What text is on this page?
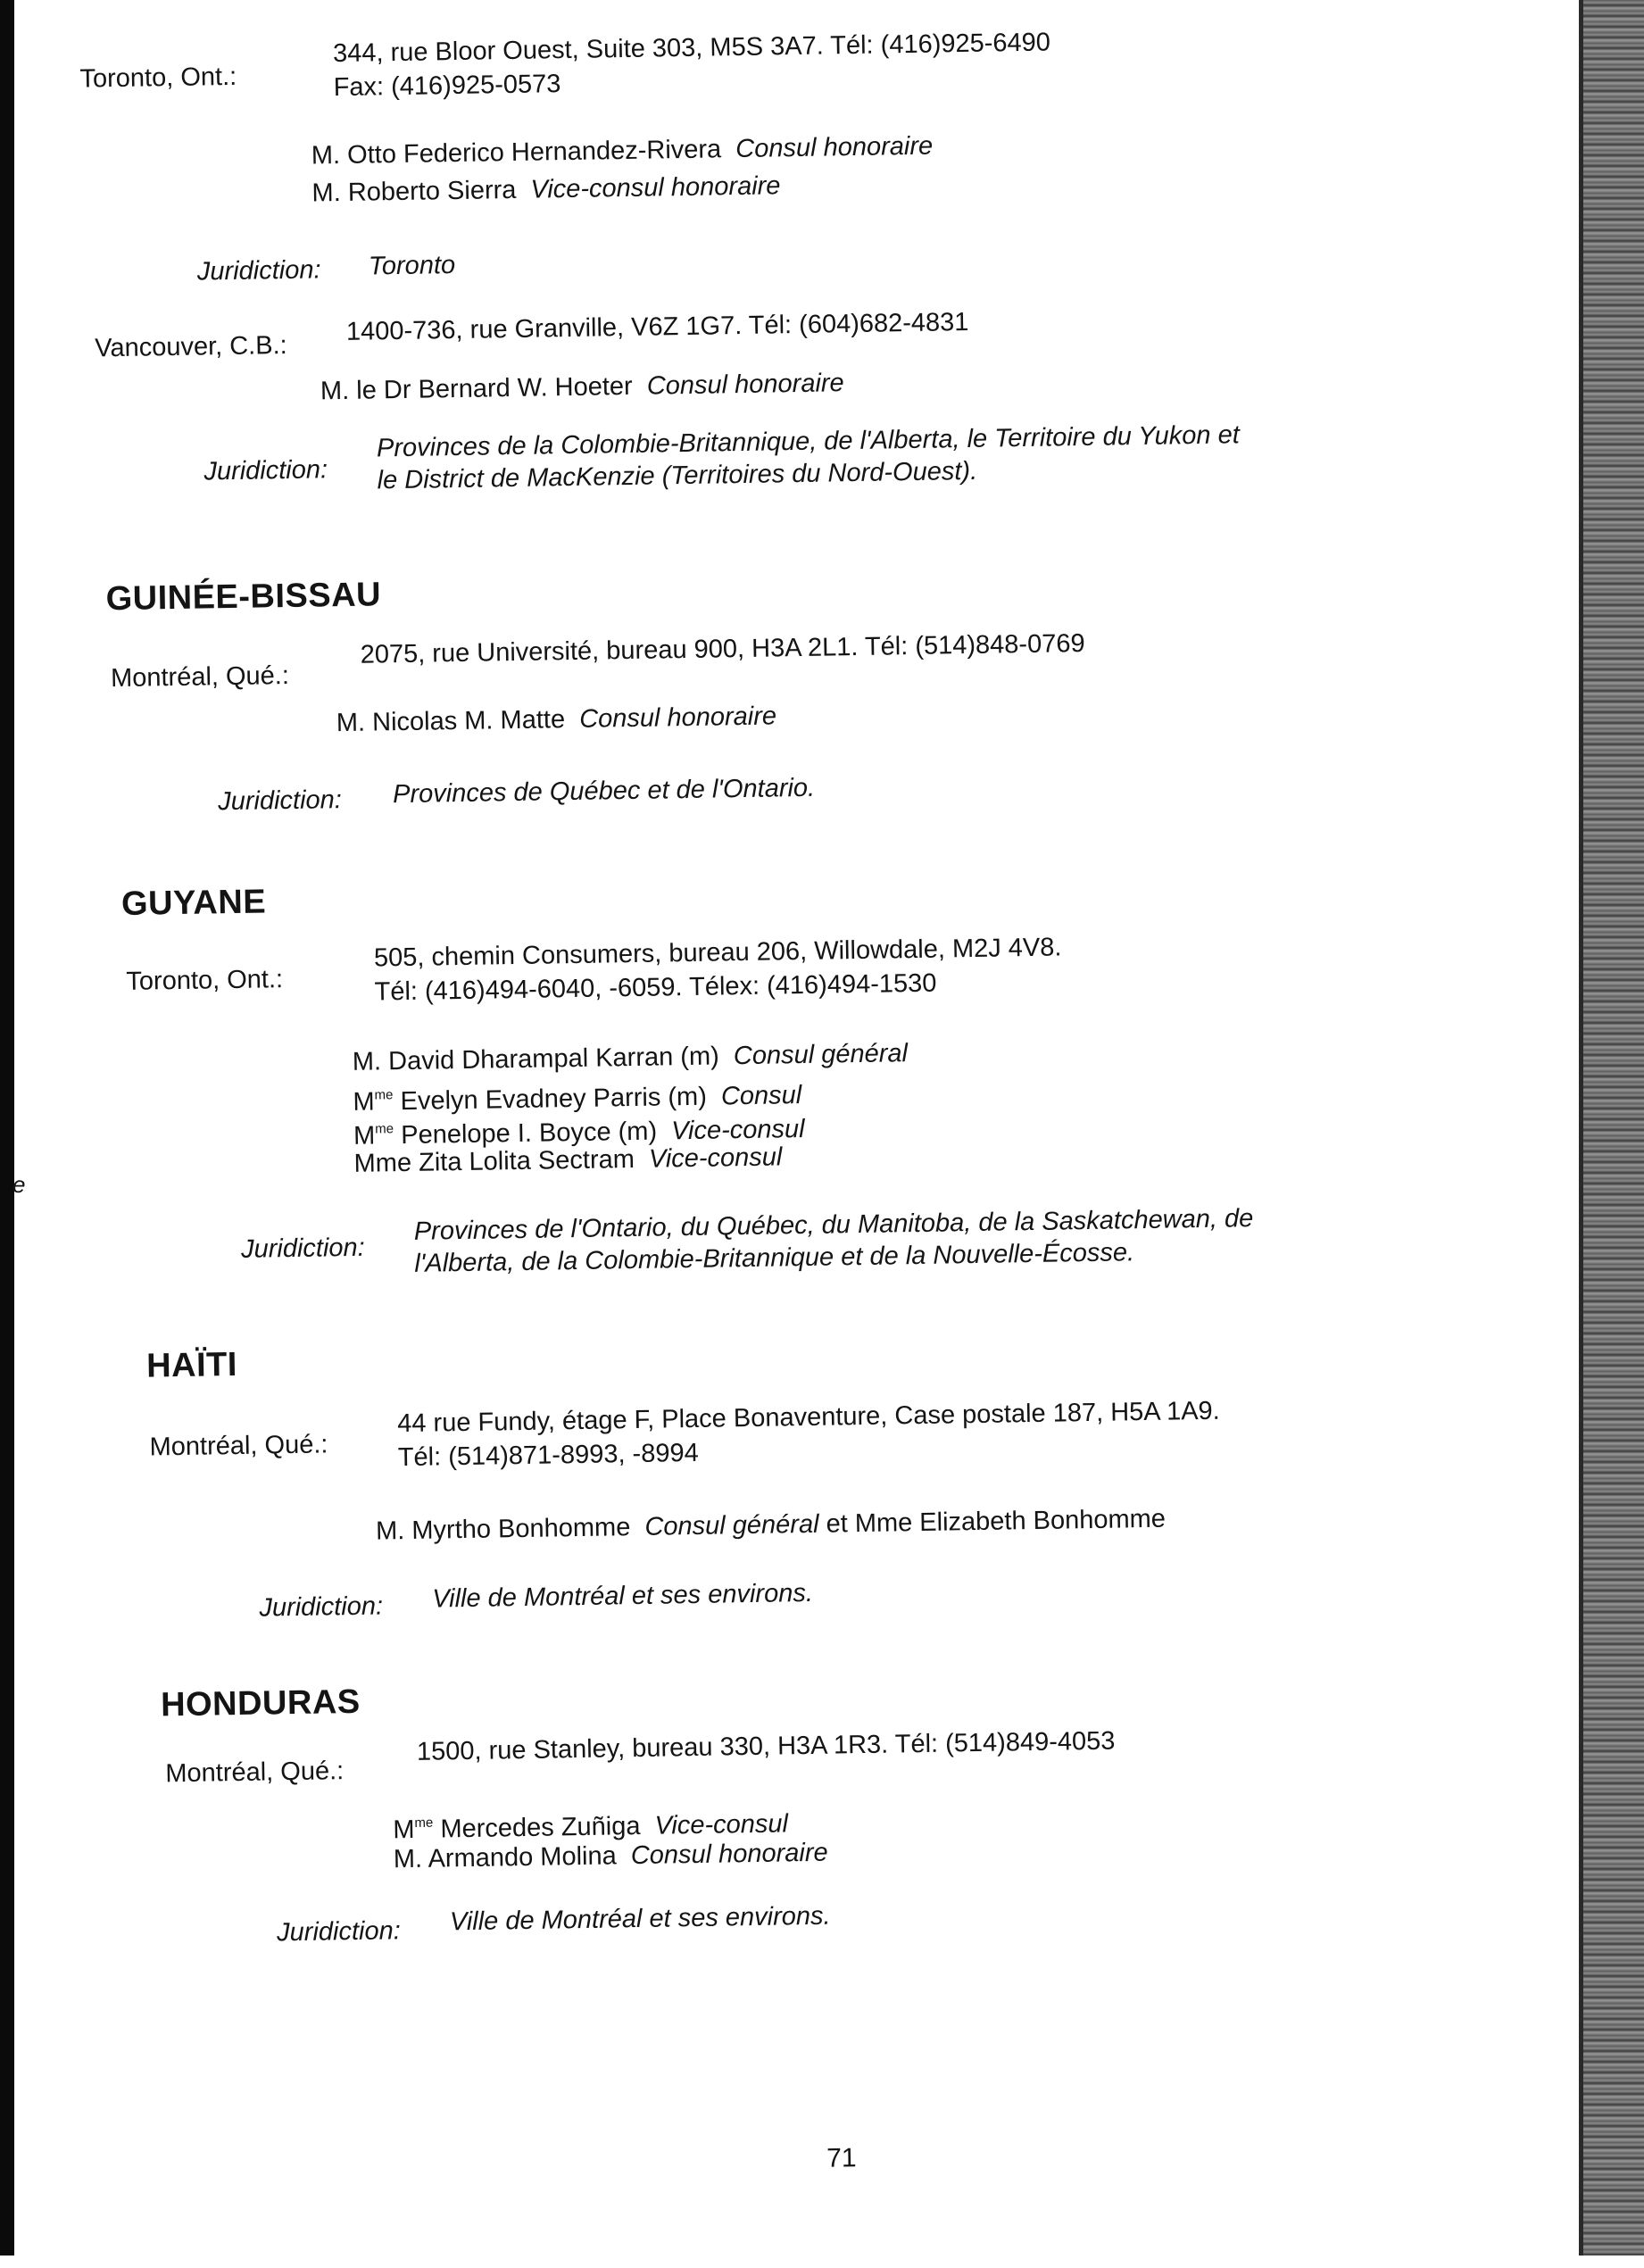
e
Toronto, Ont.:
344, rue Bloor Ouest, Suite 303, M5S 3A7. Tél: (416)925-6490
Fax: (416)925-0573
M. Otto Federico Hernandez-Rivera Consul honoraire
M. Roberto Sierra Vice-consul honoraire
Juridiction: Toronto
Vancouver, C.B.:
1400-736, rue Granville, V6Z 1G7. Tél: (604)682-4831
M. le Dr Bernard W. Hoeter Consul honoraire
Juridiction:
Provinces de la Colombie-Britannique, de l'Alberta, le Territoire du Yukon et
le District de MacKenzie (Territoires du Nord-Ouest).
GUINÉE-BISSAU
Montréal, Qué.:
2075, rue Université, bureau 900, H3A 2L1. Tél: (514)848-0769
M. Nicolas M. Matte Consul honoraire
Juridiction: Provinces de Québec et de l'Ontario.
GUYANE
Toronto, Ont.:
505, chemin Consumers, bureau 206, Willowdale, M2J 4V8.
Tél: (416)494-6040, -6059. Télex: (416)494-1530
M. David Dharampal Karran (m) Consul général
$M^{me}$ Evelyn Evadney Parris (m) Consul
$M^{me}$ Penelope I. Boyce (m) Vice-consul
Mme Zita Lolita Sectram Vice-consul
Juridiction:
Provinces de l'Ontario, du Québec, du Manitoba, de la Saskatchewan, de
l'Alberta, de la Colombie-Britannique et de la Nouvelle-Écosse.
HAÏTI
Montréal, Qué.:
44 rue Fundy, étage F, Place Bonaventure, Case postale 187, H5A 1A9.
Tél: (514)871-8993, -8994
M. Myrtho Bonhomme Consul général et Mme Elizabeth Bonhomme
Juridiction: Ville de Montréal et ses environs.
HONDURAS
Montréal, Qué.:
1500, rue Stanley, bureau 330, H3A 1R3. Tél: (514)849-4053
$M^{me}$ Mercedes Zuñiga Vice-consul
M. Armando Molina Consul honoraire
Juridiction: Ville de Montréal et ses environs.
71
